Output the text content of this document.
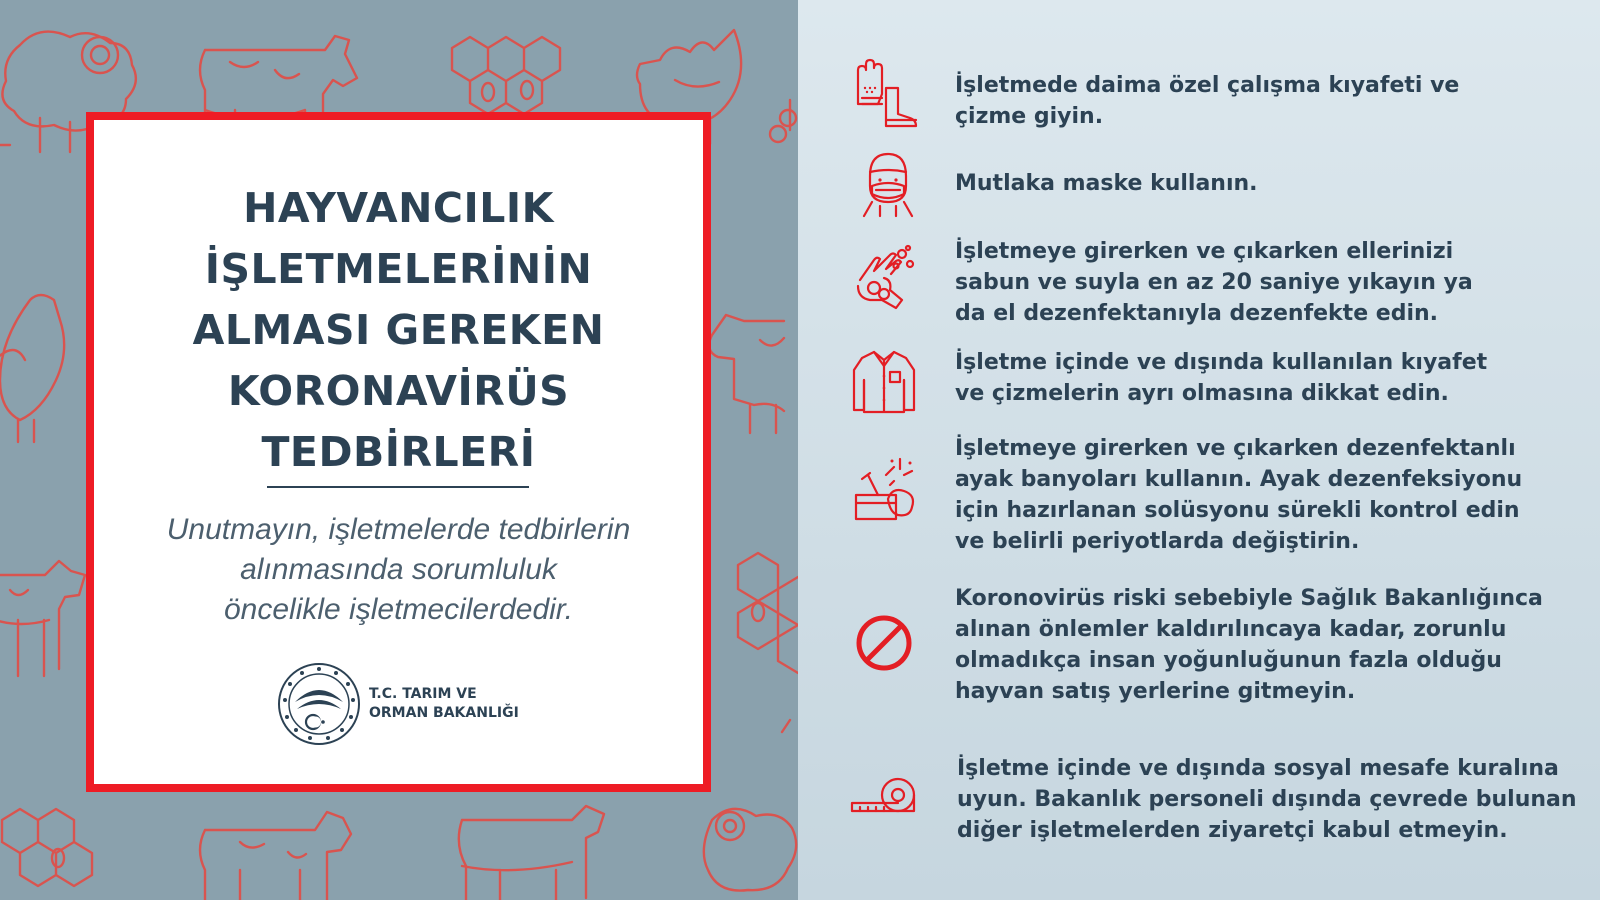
HAYVANCILIK
İŞLETMELERİNİN
ALMASI GEREKEN
KORONAVİRÜS
TEDBİRLERİ
Unutmayın, işletmelerde tedbirlerin
alınmasında sorumluluk
öncelikle işletmecilerdedir.
T.C. TARIM VE
ORMAN BAKANLIĞI
İşletmede daima özel çalışma kıyafeti ve
çizme giyin.
Mutlaka maske kullanın.
İşletmeye girerken ve çıkarken ellerinizi
sabun ve suyla en az 20 saniye yıkayın ya
da el dezenfektanıyla dezenfekte edin.
İşletme içinde ve dışında kullanılan kıyafet
ve çizmelerin ayrı olmasına dikkat edin.
İşletmeye girerken ve çıkarken dezenfektanlı
ayak banyoları kullanın. Ayak dezenfeksiyonu
için hazırlanan solüsyonu sürekli kontrol edin
ve belirli periyotlarda değiştirin.
Koronovirüs riski sebebiyle Sağlık Bakanlığınca
alınan önlemler kaldırılıncaya kadar, zorunlu
olmadıkça insan yoğunluğunun fazla olduğu
hayvan satış yerlerine gitmeyin.
İşletme içinde ve dışında sosyal mesafe kuralına
uyun. Bakanlık personeli dışında çevrede bulunan
diğer işletmelerden ziyaretçi kabul etmeyin.
